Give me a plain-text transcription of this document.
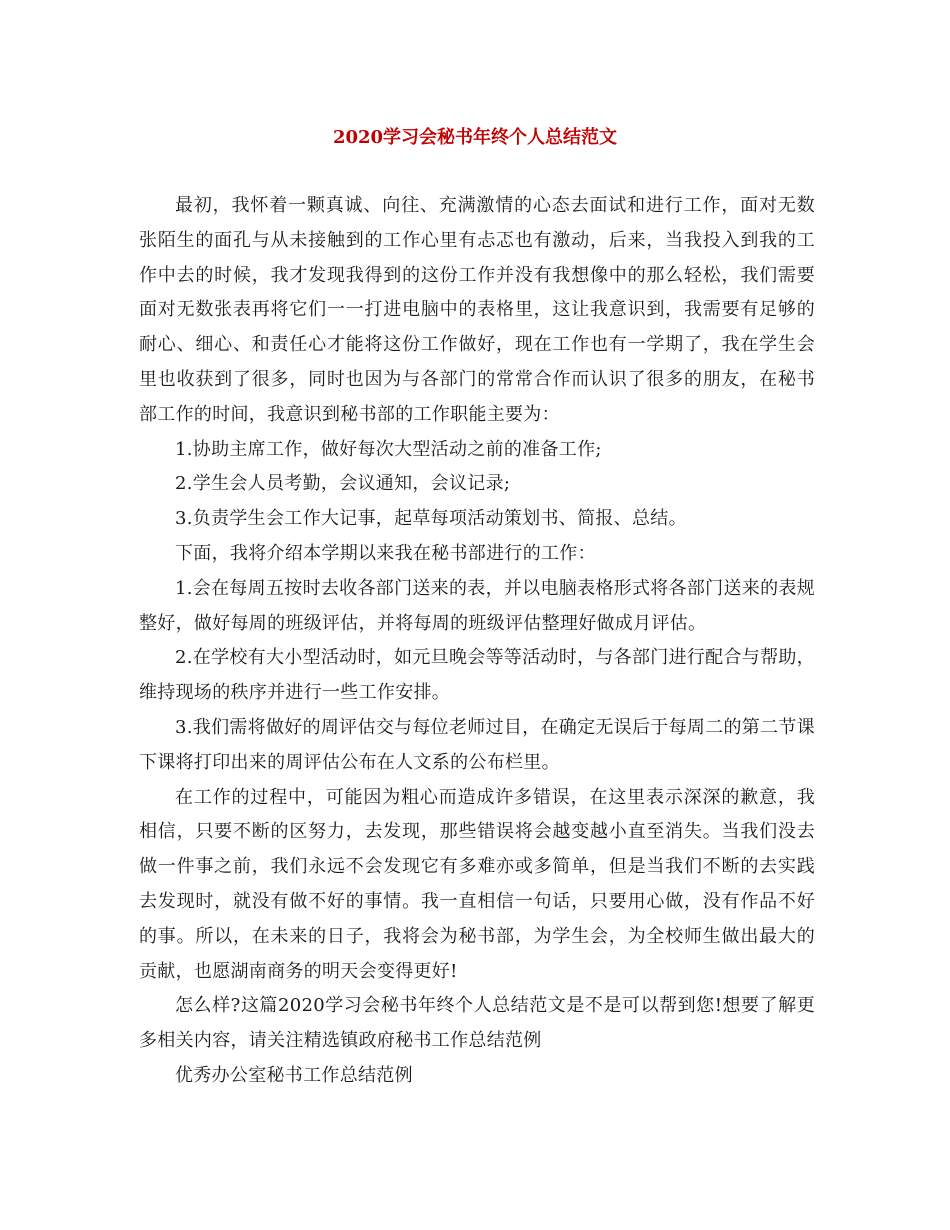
2020学习会秘书年终个人总结范文

最初，我怀着一颗真诚、向往、充满激情的心态去面试和进行工作，面对无数张陌生的面孔与从未接触到的工作心里有忐忑也有激动，后来，当我投入到我的工作中去的时候，我才发现我得到的这份工作并没有我想像中的那么轻松，我们需要面对无数张表再将它们一一打进电脑中的表格里，这让我意识到，我需要有足够的耐心、细心、和责任心才能将这份工作做好，现在工作也有一学期了，我在学生会里也收获到了很多，同时也因为与各部门的常常合作而认识了很多的朋友，在秘书部工作的时间，我意识到秘书部的工作职能主要为：

1.协助主席工作，做好每次大型活动之前的准备工作;

2.学生会人员考勤，会议通知，会议记录;

3.负责学生会工作大记事，起草每项活动策划书、简报、总结。

下面，我将介绍本学期以来我在秘书部进行的工作：

1.会在每周五按时去收各部门送来的表，并以电脑表格形式将各部门送来的表规整好，做好每周的班级评估，并将每周的班级评估整理好做成月评估。

2.在学校有大小型活动时，如元旦晚会等等活动时，与各部门进行配合与帮助，维持现场的秩序并进行一些工作安排。

3.我们需将做好的周评估交与每位老师过目，在确定无误后于每周二的第二节课下课将打印出来的周评估公布在人文系的公布栏里。

在工作的过程中，可能因为粗心而造成许多错误，在这里表示深深的歉意，我相信，只要不断的区努力，去发现，那些错误将会越变越小直至消失。当我们没去做一件事之前，我们永远不会发现它有多难亦或多简单，但是当我们不断的去实践去发现时，就没有做不好的事情。我一直相信一句话，只要用心做，没有作品不好的事。所以，在未来的日子，我将会为秘书部，为学生会，为全校师生做出最大的贡献，也愿湖南商务的明天会变得更好!

怎么样?这篇2020学习会秘书年终个人总结范文是不是可以帮到您!想要了解更多相关内容，请关注精选镇政府秘书工作总结范例

优秀办公室秘书工作总结范例
